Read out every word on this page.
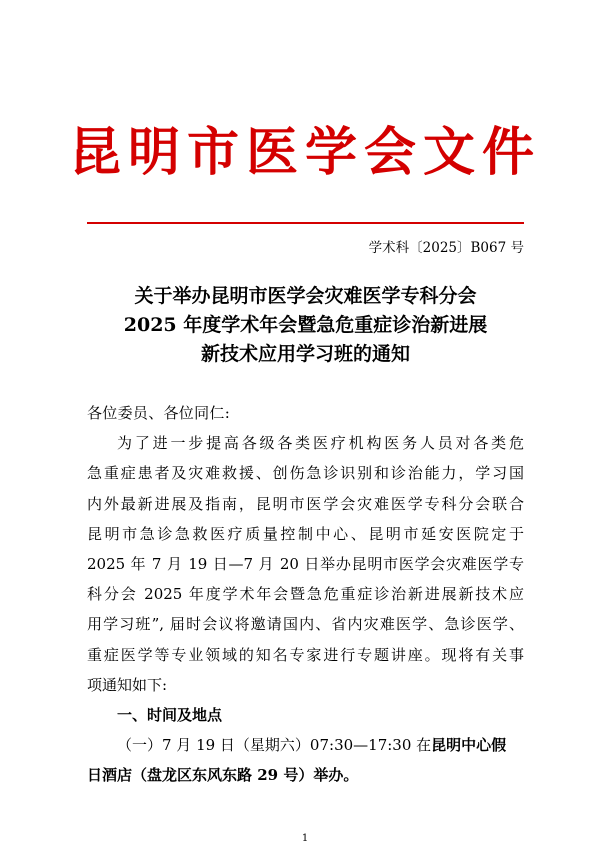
昆明市医学会文件
学术科〔2025〕B067 号
关于举办昆明市医学会灾难医学专科分会
2025 年度学术年会暨急危重症诊治新进展
新技术应用学习班的通知

各位委员、各位同仁:

为了进一步提高各级各类医疗机构医务人员对各类危

急重症患者及灾难救援、创伤急诊识别和诊治能力，学习国

内外最新进展及指南，昆明市医学会灾难医学专科分会联合

昆明市急诊急救医疗质量控制中心、昆明市延安医院定于

2025 年 7 月 19 日—7 月 20 日举办昆明市医学会灾难医学专

科分会 2025 年度学术年会暨急危重症诊治新进展新技术应

用学习班”, 届时会议将邀请国内、省内灾难医学、急诊医学、

重症医学等专业领域的知名专家进行专题讲座。现将有关事

项通知如下:

一、时间及地点

（一）7 月 19 日（星期六）07:30—17:30 在昆明中心假

日酒店（盘龙区东风东路 29 号）举办。

1
